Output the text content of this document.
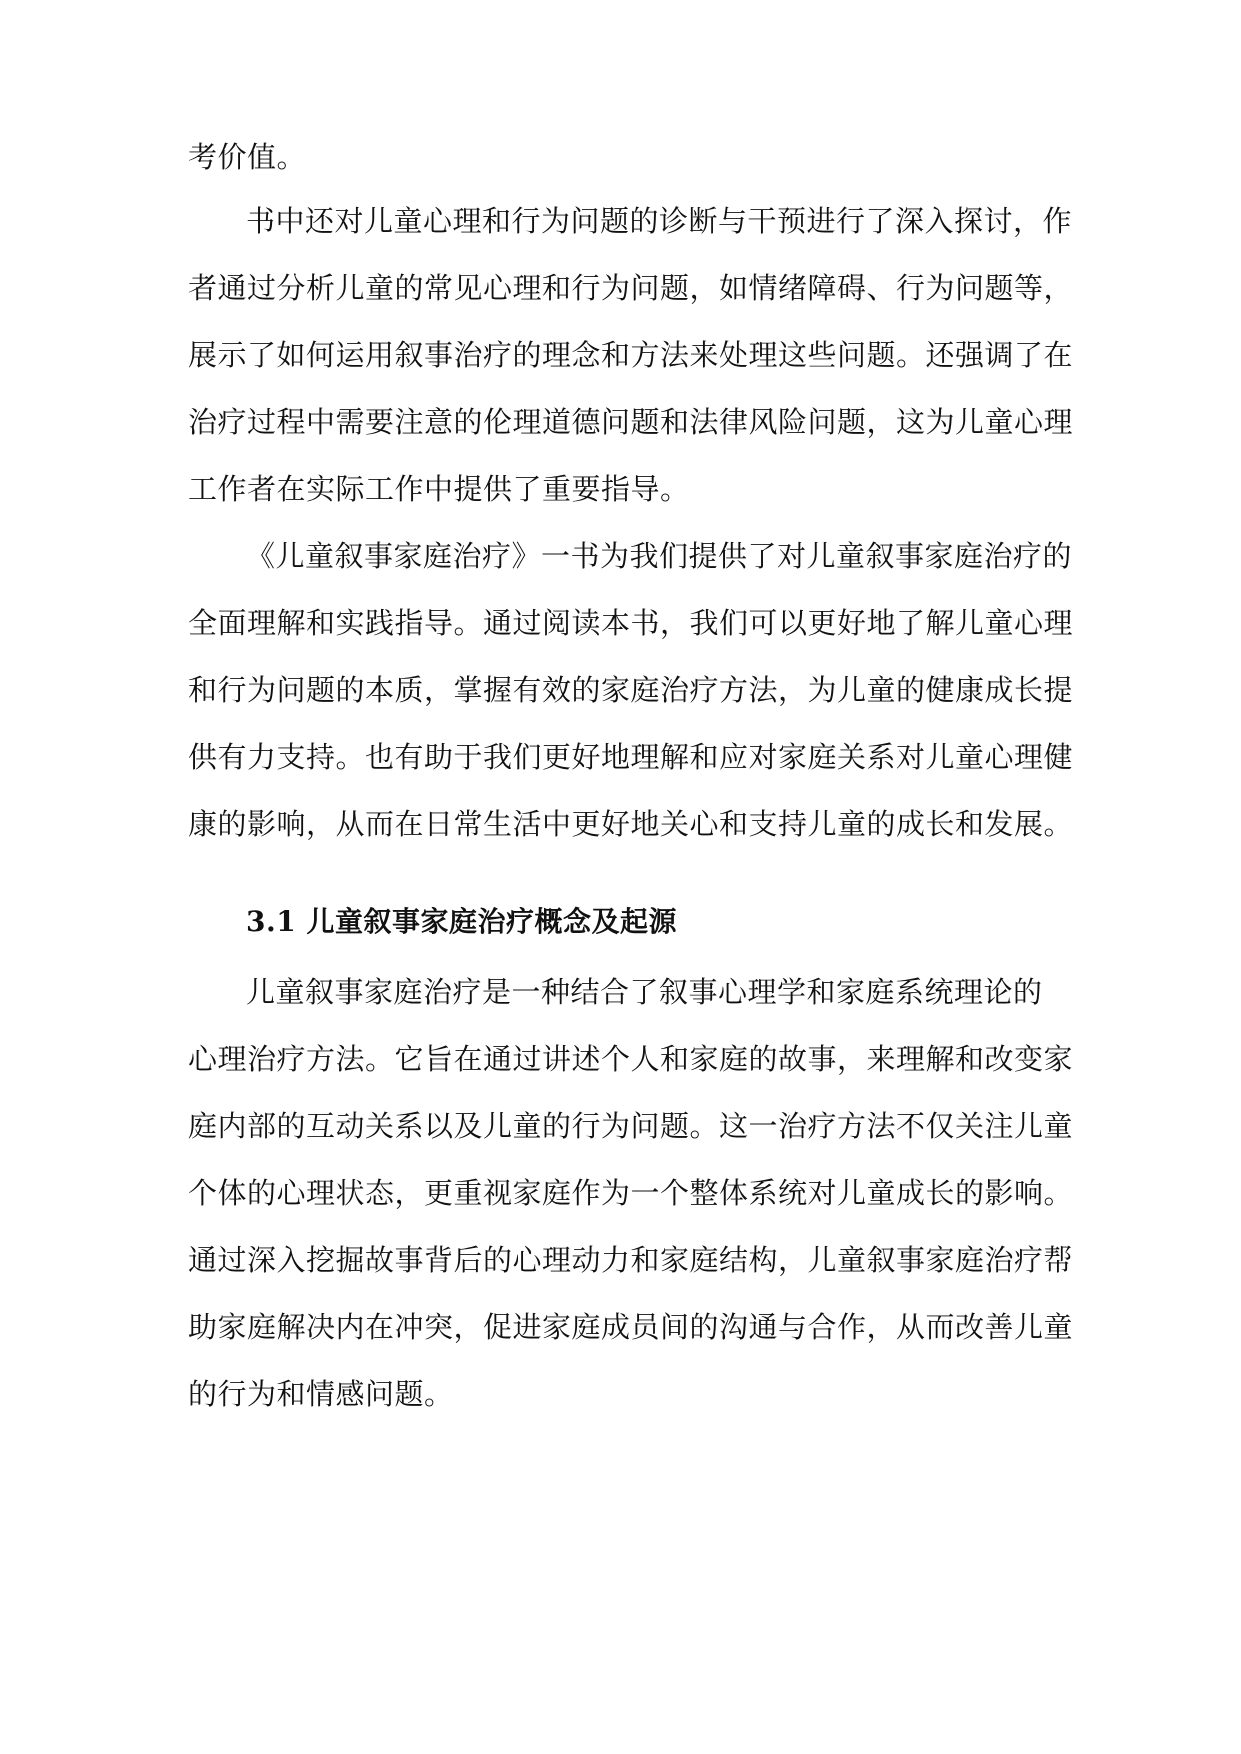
考价值。
书中还对儿童心理和行为问题的诊断与干预进行了深入探讨，作
者通过分析儿童的常见心理和行为问题，如情绪障碍、行为问题等，
展示了如何运用叙事治疗的理念和方法来处理这些问题。还强调了在
治疗过程中需要注意的伦理道德问题和法律风险问题，这为儿童心理
工作者在实际工作中提供了重要指导。
《儿童叙事家庭治疗》一书为我们提供了对儿童叙事家庭治疗的
全面理解和实践指导。通过阅读本书，我们可以更好地了解儿童心理
和行为问题的本质，掌握有效的家庭治疗方法，为儿童的健康成长提
供有力支持。也有助于我们更好地理解和应对家庭关系对儿童心理健
康的影响，从而在日常生活中更好地关心和支持儿童的成长和发展。
3.1 儿童叙事家庭治疗概念及起源
儿童叙事家庭治疗是一种结合了叙事心理学和家庭系统理论的
心理治疗方法。它旨在通过讲述个人和家庭的故事，来理解和改变家
庭内部的互动关系以及儿童的行为问题。这一治疗方法不仅关注儿童
个体的心理状态，更重视家庭作为一个整体系统对儿童成长的影响。
通过深入挖掘故事背后的心理动力和家庭结构，儿童叙事家庭治疗帮
助家庭解决内在冲突，促进家庭成员间的沟通与合作，从而改善儿童
的行为和情感问题。
